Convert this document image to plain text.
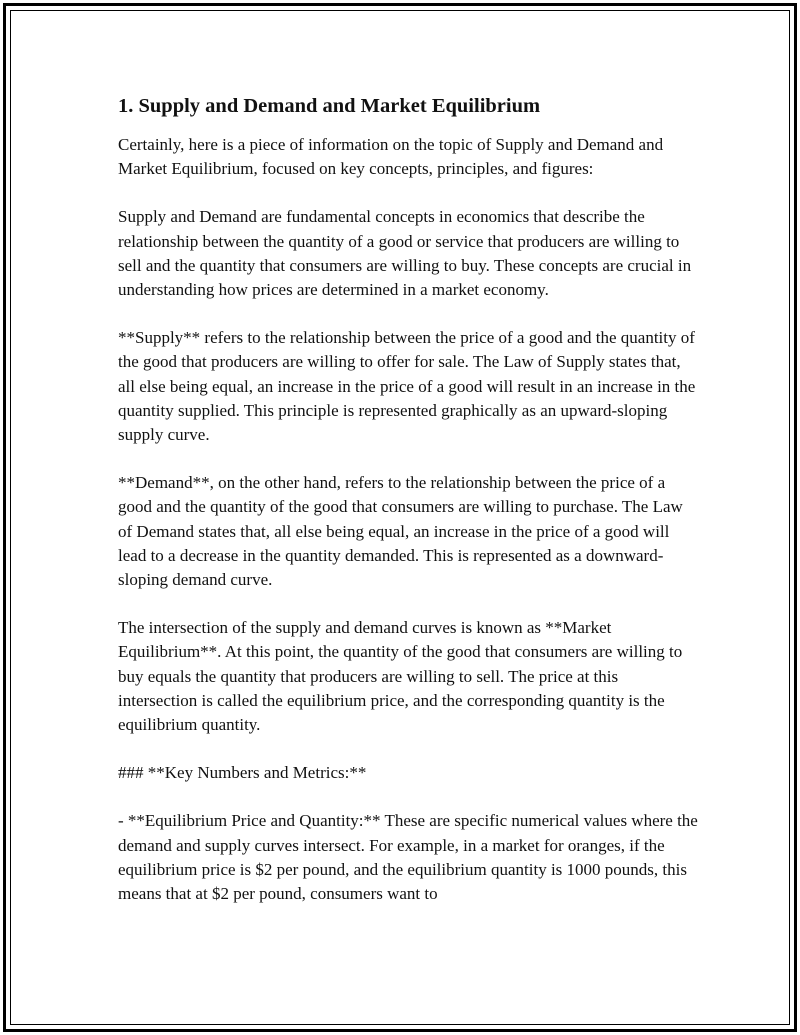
1. Supply and Demand and Market Equilibrium

Certainly, here is a piece of information on the topic of Supply and Demand and Market Equilibrium, focused on key concepts, principles, and figures:

Supply and Demand are fundamental concepts in economics that describe the relationship between the quantity of a good or service that producers are willing to sell and the quantity that consumers are willing to buy. These concepts are crucial in understanding how prices are determined in a market economy.

**Supply** refers to the relationship between the price of a good and the quantity of the good that producers are willing to offer for sale. The Law of Supply states that, all else being equal, an increase in the price of a good will result in an increase in the quantity supplied. This principle is represented graphically as an upward-sloping supply curve.

**Demand**, on the other hand, refers to the relationship between the price of a good and the quantity of the good that consumers are willing to purchase. The Law of Demand states that, all else being equal, an increase in the price of a good will lead to a decrease in the quantity demanded. This is represented as a downward-sloping demand curve.

The intersection of the supply and demand curves is known as **Market Equilibrium**. At this point, the quantity of the good that consumers are willing to buy equals the quantity that producers are willing to sell. The price at this intersection is called the equilibrium price, and the corresponding quantity is the equilibrium quantity.

### **Key Numbers and Metrics:**

- **Equilibrium Price and Quantity:** These are specific numerical values where the demand and supply curves intersect. For example, in a market for oranges, if the equilibrium price is $2 per pound, and the equilibrium quantity is 1000 pounds, this means that at $2 per pound, consumers want to
